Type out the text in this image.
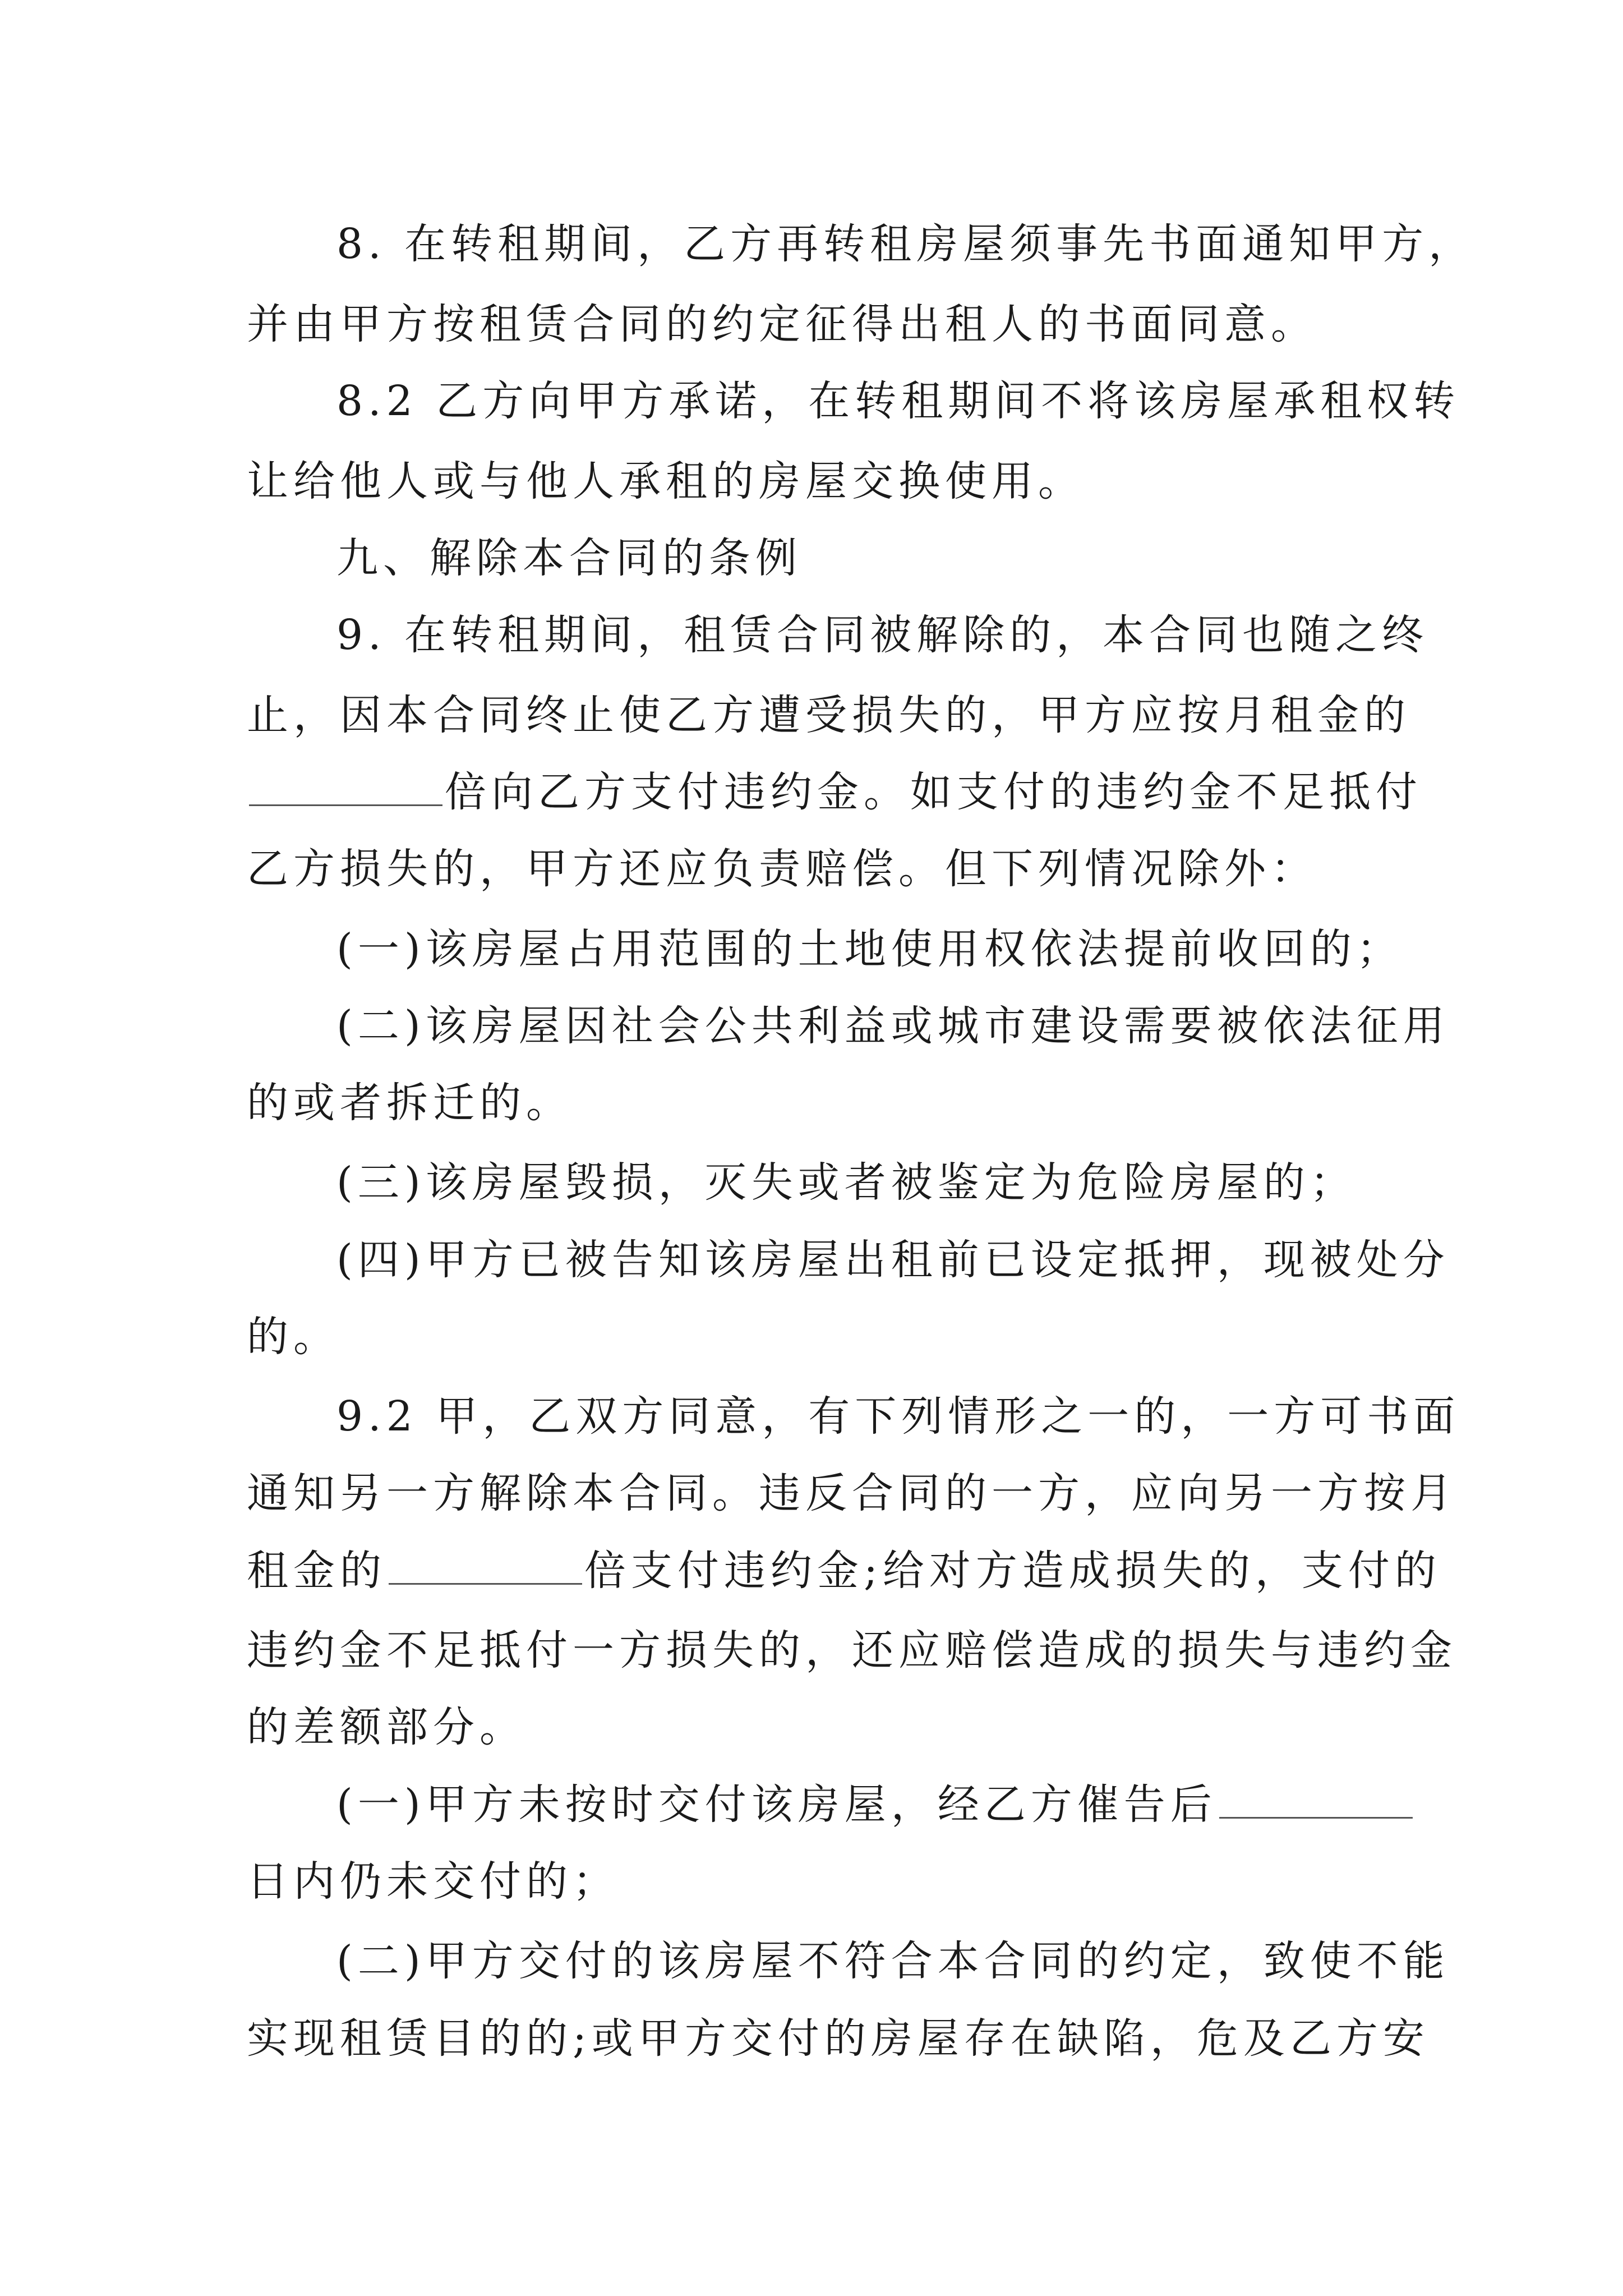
8. 在转租期间，乙方再转租房屋须事先书面通知甲方，

并由甲方按租赁合同的约定征得出租人的书面同意。

8.2 乙方向甲方承诺，在转租期间不将该房屋承租权转

让给他人或与他人承租的房屋交换使用。

九、解除本合同的条例

9. 在转租期间，租赁合同被解除的，本合同也随之终

止，因本合同终止使乙方遭受损失的，甲方应按月租金的

倍向乙方支付违约金。如支付的违约金不足抵付

乙方损失的，甲方还应负责赔偿。但下列情况除外：

(一)该房屋占用范围的土地使用权依法提前收回的；

(二)该房屋因社会公共利益或城市建设需要被依法征用

的或者拆迁的。

(三)该房屋毁损，灭失或者被鉴定为危险房屋的；

(四)甲方已被告知该房屋出租前已设定抵押，现被处分

的。

9.2 甲，乙双方同意，有下列情形之一的，一方可书面

通知另一方解除本合同。违反合同的一方，应向另一方按月

租金的	倍支付违约金;给对方造成损失的，支付的

违约金不足抵付一方损失的，还应赔偿造成的损失与违约金

的差额部分。

(一)甲方未按时交付该房屋，经乙方催告后

日内仍未交付的；

(二)甲方交付的该房屋不符合本合同的约定，致使不能

实现租赁目的的;或甲方交付的房屋存在缺陷，危及乙方安
